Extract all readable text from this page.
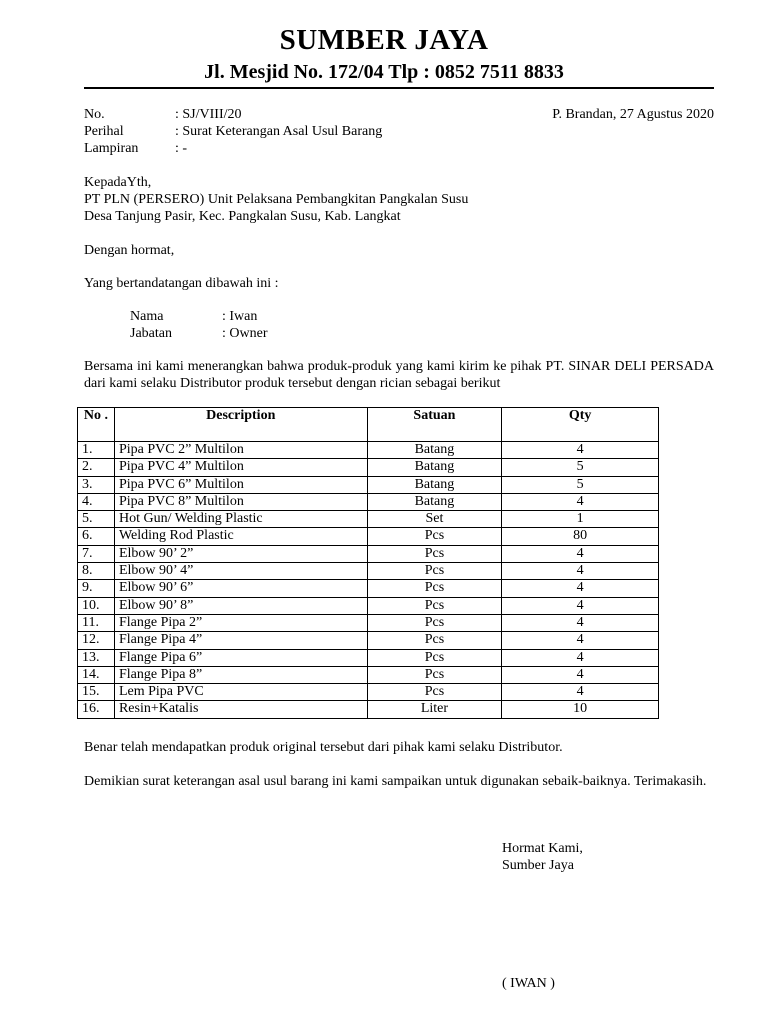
SUMBER JAYA
Jl. Mesjid No. 172/04 Tlp : 0852 7511 8833
No.	: SJ/VIII/20	P. Brandan, 27 Agustus 2020
Perihal	: Surat Keterangan Asal Usul Barang
Lampiran	: -
KepadaYth,
PT PLN (PERSERO) Unit Pelaksana Pembangkitan Pangkalan Susu
Desa Tanjung Pasir, Kec. Pangkalan Susu, Kab. Langkat
Dengan hormat,
Yang bertandatangan dibawah ini :
Nama	: Iwan
Jabatan	: Owner
Bersama ini kami menerangkan bahwa produk-produk yang kami kirim ke pihak PT. SINAR DELI PERSADA dari kami selaku Distributor produk tersebut dengan rician sebagai berikut
No .	Description	Satuan	Qty
1.	Pipa PVC 2” Multilon	Batang	4
2.	Pipa PVC 4” Multilon	Batang	5
3.	Pipa PVC 6” Multilon	Batang	5
4.	Pipa PVC 8” Multilon	Batang	4
5.	Hot Gun/ Welding Plastic	Set	1
6.	Welding Rod Plastic	Pcs	80
7.	Elbow 90’ 2”	Pcs	4
8.	Elbow 90’ 4”	Pcs	4
9.	Elbow 90’ 6”	Pcs	4
10.	Elbow 90’ 8”	Pcs	4
11.	Flange Pipa 2”	Pcs	4
12.	Flange Pipa 4”	Pcs	4
13.	Flange Pipa 6”	Pcs	4
14.	Flange Pipa 8”	Pcs	4
15.	Lem Pipa PVC	Pcs	4
16.	Resin+Katalis	Liter	10
Benar telah mendapatkan produk original tersebut dari pihak kami selaku Distributor.
Demikian surat keterangan asal usul barang ini kami sampaikan untuk digunakan sebaik-baiknya. Terimakasih.
Hormat Kami,
Sumber Jaya
( IWAN )
